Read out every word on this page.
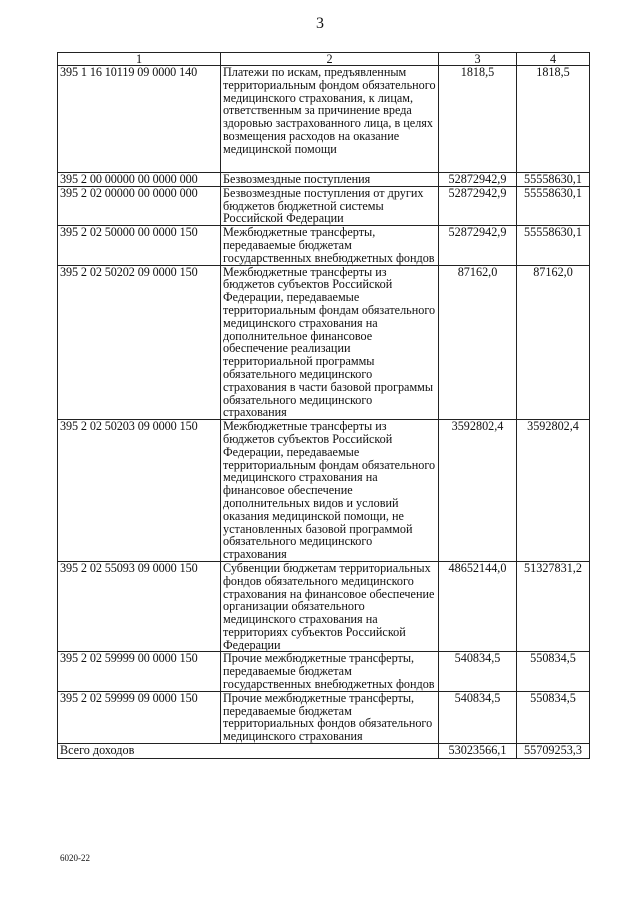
3
1	2	3	4
395 1 16 10119 09 0000 140	Платежи по искам, предъявленным территориальным фондом обязательного медицинского страхования, к лицам, ответственным за причинение вреда здоровью застрахованного лица, в целях возмещения расходов на оказание медицинской помощи	1818,5	1818,5
395 2 00 00000 00 0000 000	Безвозмездные поступления	52872942,9	55558630,1
395 2 02 00000 00 0000 000	Безвозмездные поступления от других бюджетов бюджетной системы Российской Федерации	52872942,9	55558630,1
395 2 02 50000 00 0000 150	Межбюджетные трансферты, передаваемые бюджетам государственных внебюджетных фондов	52872942,9	55558630,1
395 2 02 50202 09 0000 150	Межбюджетные трансферты из бюджетов субъектов Российской Федерации, передаваемые территориальным фондам обязательного медицинского страхования на дополнительное финансовое обеспечение реализации территориальной программы обязательного медицинского страхования в части базовой программы обязательного медицинского страхования	87162,0	87162,0
395 2 02 50203 09 0000 150	Межбюджетные трансферты из бюджетов субъектов Российской Федерации, передаваемые территориальным фондам обязательного медицинского страхования на финансовое обеспечение дополнительных видов и условий оказания медицинской помощи, не установленных базовой программой обязательного медицинского страхования	3592802,4	3592802,4
395 2 02 55093 09 0000 150	Субвенции бюджетам территориальных фондов обязательного медицинского страхования на финансовое обеспечение организации обязательного медицинского страхования на территориях субъектов Российской Федерации	48652144,0	51327831,2
395 2 02 59999 00 0000 150	Прочие межбюджетные трансферты, передаваемые бюджетам государственных внебюджетных фондов	540834,5	550834,5
395 2 02 59999 09 0000 150	Прочие межбюджетные трансферты, передаваемые бюджетам территориальных фондов обязательного медицинского страхования	540834,5	550834,5
Всего доходов		53023566,1	55709253,3
6020-22
